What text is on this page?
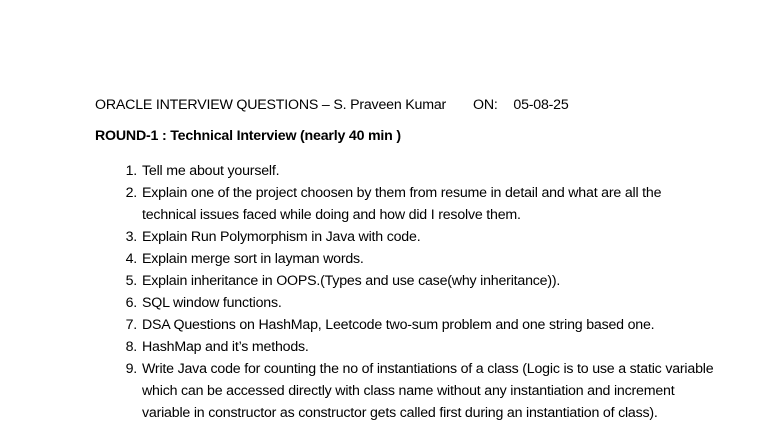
ORACLE INTERVIEW QUESTIONS – S. Praveen Kumar ON: 05-08-25
ROUND-1 : Technical Interview (nearly 40 min )
1. Tell me about yourself.
2. Explain one of the project choosen by them from resume in detail and what are all the technical issues faced while doing and how did I resolve them.
3. Explain Run Polymorphism in Java with code.
4. Explain merge sort in layman words.
5. Explain inheritance in OOPS.(Types and use case(why inheritance)).
6. SQL window functions.
7. DSA Questions on HashMap, Leetcode two-sum problem and one string based one.
8. HashMap and it’s methods.
9. Write Java code for counting the no of instantiations of a class (Logic is to use a static variable which can be accessed directly with class name without any instantiation and increment variable in constructor as constructor gets called first during an instantiation of class).
